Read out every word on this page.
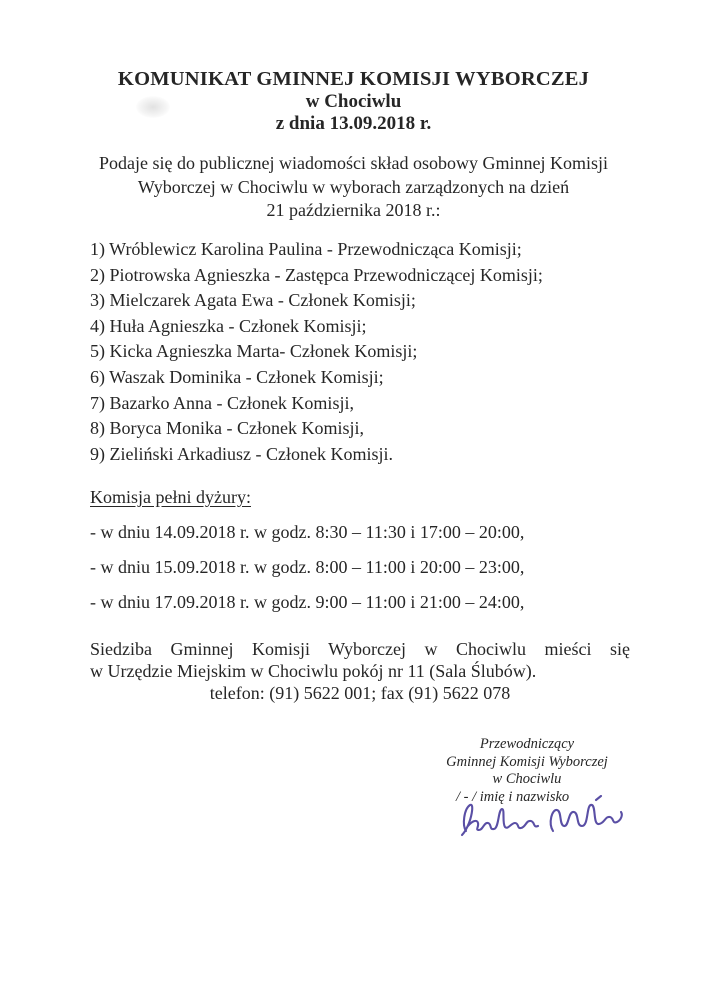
KOMUNIKAT GMINNEJ KOMISJI WYBORCZEJ
w Chociwlu
z dnia 13.09.2018 r.
Podaje się do publicznej wiadomości skład osobowy Gminnej Komisji
Wyborczej w Chociwlu w wyborach zarządzonych na dzień
21 października 2018 r.:
1) Wróblewicz Karolina Paulina - Przewodnicząca Komisji;
2) Piotrowska Agnieszka - Zastępca Przewodniczącej Komisji;
3) Mielczarek Agata Ewa - Członek Komisji;
4) Huła Agnieszka - Członek Komisji;
5) Kicka Agnieszka Marta- Członek Komisji;
6) Waszak Dominika - Członek Komisji;
7) Bazarko Anna - Członek Komisji,
8) Boryca Monika - Członek Komisji,
9) Zieliński Arkadiusz - Członek Komisji.
Komisja pełni dyżury:
- w dniu 14.09.2018 r. w godz. 8:30 – 11:30 i 17:00 – 20:00,
- w dniu 15.09.2018 r. w godz. 8:00 – 11:00 i 20:00 – 23:00,
- w dniu 17.09.2018 r. w godz. 9:00 – 11:00 i 21:00 – 24:00,
Siedziba Gminnej Komisji Wyborczej w Chociwlu mieści się
w Urzędzie Miejskim w Chociwlu pokój nr 11 (Sala Ślubów).
telefon: (91) 5622 001; fax (91) 5622 078
Przewodniczący
Gminnej Komisji Wyborczej
w Chociwlu
/ - / imię i nazwisko
